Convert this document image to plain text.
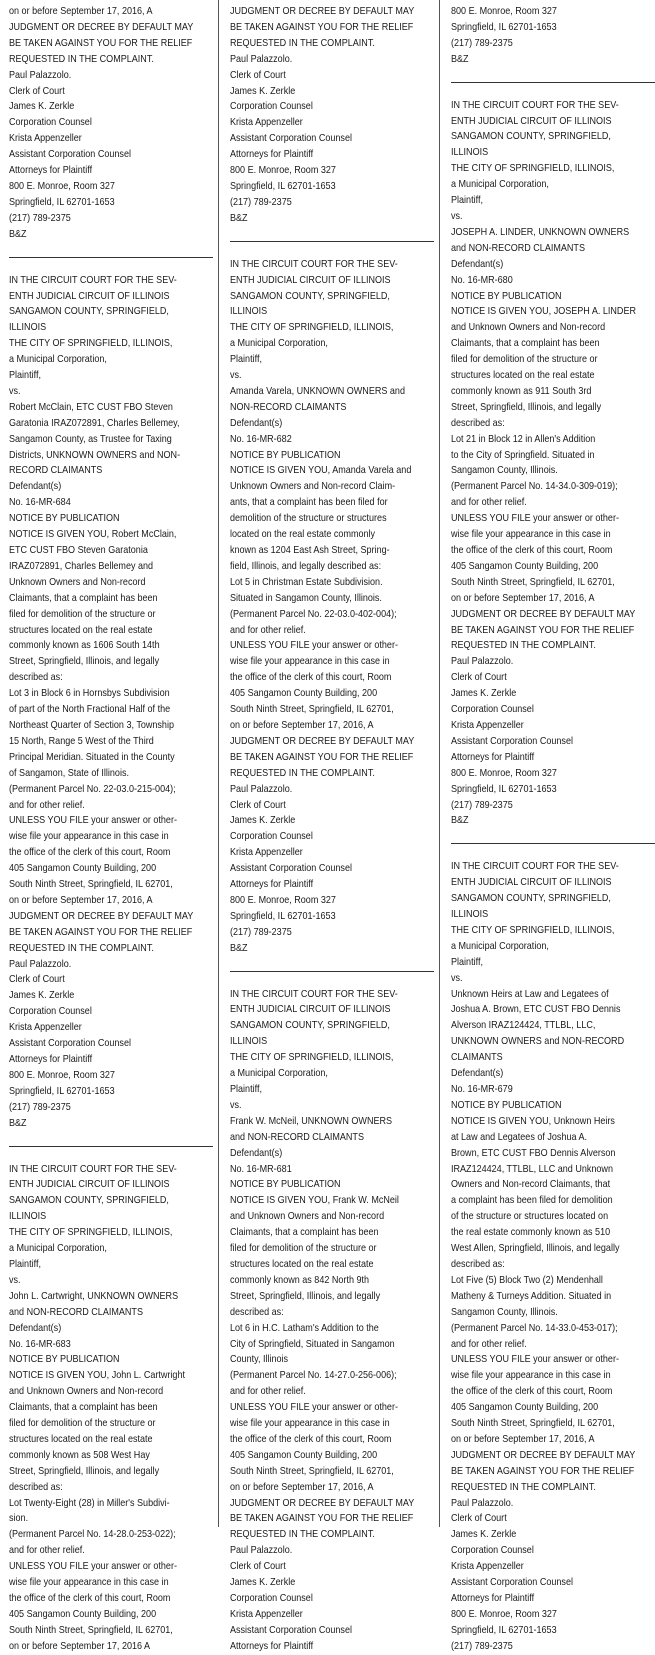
on or before September 17, 2016, A
JUDGMENT OR DECREE BY DEFAULT MAY
BE TAKEN AGAINST YOU FOR THE RELIEF
REQUESTED IN THE COMPLAINT.
Paul Palazzolo.
Clerk of Court
James K. Zerkle
Corporation Counsel
Krista Appenzeller
Assistant Corporation Counsel
Attorneys for Plaintiff
800 E. Monroe, Room 327
Springfield, IL 62701-1653
(217) 789-2375
B&Z
IN THE CIRCUIT COURT FOR THE SEV-
ENTH JUDICIAL CIRCUIT OF ILLINOIS
SANGAMON COUNTY, SPRINGFIELD,
ILLINOIS
THE CITY OF SPRINGFIELD, ILLINOIS,
a Municipal Corporation,
Plaintiff,
vs.
Robert McClain, ETC CUST FBO Steven
Garatonia IRAZ072891, Charles Bellemey,
Sangamon County, as Trustee for Taxing
Districts, UNKNOWN OWNERS and NON-
RECORD CLAIMANTS
Defendant(s)
No. 16-MR-684
NOTICE BY PUBLICATION
NOTICE IS GIVEN YOU, Robert McClain,
ETC CUST FBO Steven Garatonia
IRAZ072891, Charles Bellemey and
Unknown Owners and Non-record
Claimants, that a complaint has been
filed for demolition of the structure or
structures located on the real estate
commonly known as 1606 South 14th
Street, Springfield, Illinois, and legally
described as:
Lot 3 in Block 6 in Hornsbys Subdivision
of part of the North Fractional Half of the
Northeast Quarter of Section 3, Township
15 North, Range 5 West of the Third
Principal Meridian. Situated in the County
of Sangamon, State of Illinois.
(Permanent Parcel No. 22-03.0-215-004);
and for other relief.
UNLESS YOU FILE your answer or other-
wise file your appearance in this case in
the office of the clerk of this court, Room
405 Sangamon County Building, 200
South Ninth Street, Springfield, IL 62701,
on or before September 17, 2016, A
JUDGMENT OR DECREE BY DEFAULT MAY
BE TAKEN AGAINST YOU FOR THE RELIEF
REQUESTED IN THE COMPLAINT.
Paul Palazzolo.
Clerk of Court
James K. Zerkle
Corporation Counsel
Krista Appenzeller
Assistant Corporation Counsel
Attorneys for Plaintiff
800 E. Monroe, Room 327
Springfield, IL 62701-1653
(217) 789-2375
B&Z
IN THE CIRCUIT COURT FOR THE SEV-
ENTH JUDICIAL CIRCUIT OF ILLINOIS
SANGAMON COUNTY, SPRINGFIELD,
ILLINOIS
THE CITY OF SPRINGFIELD, ILLINOIS,
a Municipal Corporation,
Plaintiff,
vs.
John L. Cartwright, UNKNOWN OWNERS
and NON-RECORD CLAIMANTS
Defendant(s)
No. 16-MR-683
NOTICE BY PUBLICATION
NOTICE IS GIVEN YOU, John L. Cartwright
and Unknown Owners and Non-record
Claimants, that a complaint has been
filed for demolition of the structure or
structures located on the real estate
commonly known as 508 West Hay
Street, Springfield, Illinois, and legally
described as:
Lot Twenty-Eight (28) in Miller's Subdivi-
sion.
(Permanent Parcel No. 14-28.0-253-022);
and for other relief.
UNLESS YOU FILE your answer or other-
wise file your appearance in this case in
the office of the clerk of this court, Room
405 Sangamon County Building, 200
South Ninth Street, Springfield, IL 62701,
on or before September 17, 2016 A
JUDGMENT OR DECREE BY DEFAULT MAY
BE TAKEN AGAINST YOU FOR THE RELIEF
REQUESTED IN THE COMPLAINT.
Paul Palazzolo.
Clerk of Court
James K. Zerkle
Corporation Counsel
Krista Appenzeller
Assistant Corporation Counsel
Attorneys for Plaintiff
800 E. Monroe, Room 327
Springfield, IL 62701-1653
(217) 789-2375
B&Z
IN THE CIRCUIT COURT FOR THE SEV-
ENTH JUDICIAL CIRCUIT OF ILLINOIS
SANGAMON COUNTY, SPRINGFIELD,
ILLINOIS
THE CITY OF SPRINGFIELD, ILLINOIS,
a Municipal Corporation,
Plaintiff,
vs.
Amanda Varela, UNKNOWN OWNERS and
NON-RECORD CLAIMANTS
Defendant(s)
No. 16-MR-682
NOTICE BY PUBLICATION
NOTICE IS GIVEN YOU, Amanda Varela and
Unknown Owners and Non-record Claim-
ants, that a complaint has been filed for
demolition of the structure or structures
located on the real estate commonly
known as 1204 East Ash Street, Spring-
field, Illinois, and legally described as:
Lot 5 in Christman Estate Subdivision.
Situated in Sangamon County, Illinois.
(Permanent Parcel No. 22-03.0-402-004);
and for other relief.
UNLESS YOU FILE your answer or other-
wise file your appearance in this case in
the office of the clerk of this court, Room
405 Sangamon County Building, 200
South Ninth Street, Springfield, IL 62701,
on or before September 17, 2016, A
JUDGMENT OR DECREE BY DEFAULT MAY
BE TAKEN AGAINST YOU FOR THE RELIEF
REQUESTED IN THE COMPLAINT.
Paul Palazzolo.
Clerk of Court
James K. Zerkle
Corporation Counsel
Krista Appenzeller
Assistant Corporation Counsel
Attorneys for Plaintiff
800 E. Monroe, Room 327
Springfield, IL 62701-1653
(217) 789-2375
B&Z
IN THE CIRCUIT COURT FOR THE SEV-
ENTH JUDICIAL CIRCUIT OF ILLINOIS
SANGAMON COUNTY, SPRINGFIELD,
ILLINOIS
THE CITY OF SPRINGFIELD, ILLINOIS,
a Municipal Corporation,
Plaintiff,
vs.
Frank W. McNeil, UNKNOWN OWNERS
and NON-RECORD CLAIMANTS
Defendant(s)
No. 16-MR-681
NOTICE BY PUBLICATION
NOTICE IS GIVEN YOU, Frank W. McNeil
and Unknown Owners and Non-record
Claimants, that a complaint has been
filed for demolition of the structure or
structures located on the real estate
commonly known as 842 North 9th
Street, Springfield, Illinois, and legally
described as:
Lot 6 in H.C. Latham's Addition to the
City of Springfield, Situated in Sangamon
County, Illinois
(Permanent Parcel No. 14-27.0-256-006);
and for other relief.
UNLESS YOU FILE your answer or other-
wise file your appearance in this case in
the office of the clerk of this court, Room
405 Sangamon County Building, 200
South Ninth Street, Springfield, IL 62701,
on or before September 17, 2016, A
JUDGMENT OR DECREE BY DEFAULT MAY
BE TAKEN AGAINST YOU FOR THE RELIEF
REQUESTED IN THE COMPLAINT.
Paul Palazzolo.
Clerk of Court
James K. Zerkle
Corporation Counsel
Krista Appenzeller
Assistant Corporation Counsel
Attorneys for Plaintiff
800 E. Monroe, Room 327
Springfield, IL 62701-1653
(217) 789-2375
B&Z
IN THE CIRCUIT COURT FOR THE SEV-
ENTH JUDICIAL CIRCUIT OF ILLINOIS
SANGAMON COUNTY, SPRINGFIELD,
ILLINOIS
THE CITY OF SPRINGFIELD, ILLINOIS,
a Municipal Corporation,
Plaintiff,
vs.
JOSEPH A. LINDER, UNKNOWN OWNERS
and NON-RECORD CLAIMANTS
Defendant(s)
No. 16-MR-680
NOTICE BY PUBLICATION
NOTICE IS GIVEN YOU, JOSEPH A. LINDER
and Unknown Owners and Non-record
Claimants, that a complaint has been
filed for demolition of the structure or
structures located on the real estate
commonly known as 911 South 3rd
Street, Springfield, Illinois, and legally
described as:
Lot 21 in Block 12 in Allen's Addition
to the City of Springfield. Situated in
Sangamon County, Illinois.
(Permanent Parcel No. 14-34.0-309-019);
and for other relief.
UNLESS YOU FILE your answer or other-
wise file your appearance in this case in
the office of the clerk of this court, Room
405 Sangamon County Building, 200
South Ninth Street, Springfield, IL 62701,
on or before September 17, 2016, A
JUDGMENT OR DECREE BY DEFAULT MAY
BE TAKEN AGAINST YOU FOR THE RELIEF
REQUESTED IN THE COMPLAINT.
Paul Palazzolo.
Clerk of Court
James K. Zerkle
Corporation Counsel
Krista Appenzeller
Assistant Corporation Counsel
Attorneys for Plaintiff
800 E. Monroe, Room 327
Springfield, IL 62701-1653
(217) 789-2375
B&Z
IN THE CIRCUIT COURT FOR THE SEV-
ENTH JUDICIAL CIRCUIT OF ILLINOIS
SANGAMON COUNTY, SPRINGFIELD,
ILLINOIS
THE CITY OF SPRINGFIELD, ILLINOIS,
a Municipal Corporation,
Plaintiff,
vs.
Unknown Heirs at Law and Legatees of
Joshua A. Brown, ETC CUST FBO Dennis
Alverson IRAZ124424, TTLBL, LLC,
UNKNOWN OWNERS and NON-RECORD
CLAIMANTS
Defendant(s)
No. 16-MR-679
NOTICE BY PUBLICATION
NOTICE IS GIVEN YOU, Unknown Heirs
at Law and Legatees of Joshua A.
Brown, ETC CUST FBO Dennis Alverson
IRAZ124424, TTLBL, LLC and Unknown
Owners and Non-record Claimants, that
a complaint has been filed for demolition
of the structure or structures located on
the real estate commonly known as 510
West Allen, Springfield, Illinois, and legally
described as:
Lot Five (5) Block Two (2) Mendenhall
Matheny & Turneys Addition. Situated in
Sangamon County, Illinois.
(Permanent Parcel No. 14-33.0-453-017);
and for other relief.
UNLESS YOU FILE your answer or other-
wise file your appearance in this case in
the office of the clerk of this court, Room
405 Sangamon County Building, 200
South Ninth Street, Springfield, IL 62701,
on or before September 17, 2016, A
JUDGMENT OR DECREE BY DEFAULT MAY
BE TAKEN AGAINST YOU FOR THE RELIEF
REQUESTED IN THE COMPLAINT.
Paul Palazzolo.
Clerk of Court
James K. Zerkle
Corporation Counsel
Krista Appenzeller
Assistant Corporation Counsel
Attorneys for Plaintiff
800 E. Monroe, Room 327
Springfield, IL 62701-1653
(217) 789-2375
